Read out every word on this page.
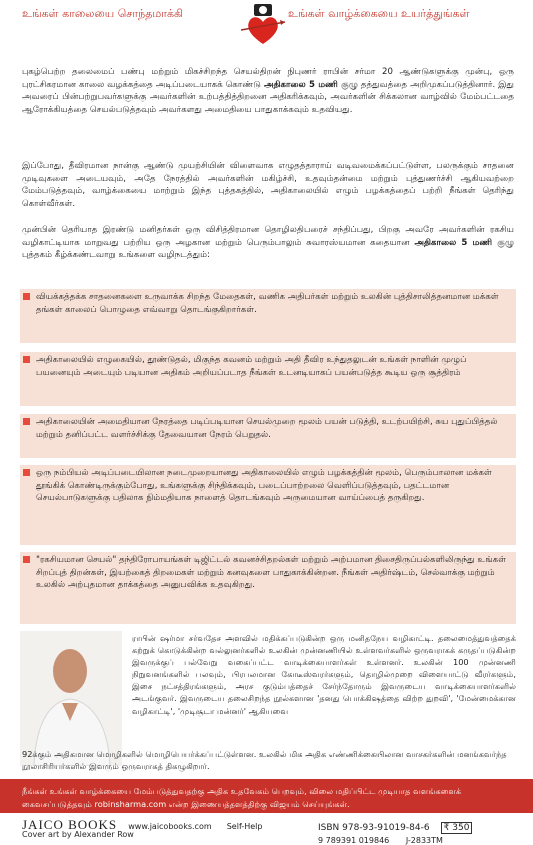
உங்கள் காலையை சொந்தமாக்கி	உங்கள் வாழ்க்கையை உயர்த்துங்கள்
புகழ்பெற்ற தலைமைப் பண்பு மற்றும் மிகச்சிறந்த செயல்திறன் நிபுணர் ராபின் சர்மா 20 ஆண்டுகளுக்கு முன்பு, ஒரு புரட்சிகரமான காலை வழக்கத்தை அடிப்படையாகக் கொண்டு அதிகாலை 5 மணி குழு தத்துவத்தை அறிமுகப்படுத்தினார். இது அவரைப் பின்பற்றுபவர்களுக்கு அவர்களின் உற்பத்தித்திறனை அதிகரிக்கவும், அவர்களின் சிக்கலான வாழ்வில் மேம்பட்டதை ஆரோக்கியத்தை செயல்படுத்தவும் அவர்களது அமைதியை பாதுகாக்கவும் உதவியது.
இப்போது, தீவிரமான நான்கு ஆண்டு முயற்சியின் விளைவாக எழுதத்தாராய் வடிவமைக்கப்பட்டுள்ள, பலருக்கும் சாதனை முடிவுகளை அடையவும், அதே நேரத்தில் அவர்களின் மகிழ்ச்சி, உதவும்தன்மை மற்றும் புத்துணர்ச்சி ஆகியவற்றை மேம்படுத்தவும், வாழ்க்கையை மாற்றும் இந்த புத்தகத்தில், அதிகாலையில் எழும் பழக்கத்தைப் பற்றி நீங்கள் தெரிந்து கொள்வீர்கள்.
முன்பின் தெரியாத இரண்டு மனிதர்கள் ஒரு விசித்திரமான தொழிலதிபரைச் சந்திப்பது, பிறகு அவரே அவர்களின் ரகசிய வழிகாட்டியாக மாறுவது பற்றிய ஒரு அழகான மற்றும் பெரும்பாலும் சுவாரஸ்யமான கதையான அதிகாலை 5 மணி குழு புத்தகம் கீழ்க்கண்டவாறு உங்களை வழிநடத்தும்:
வியக்கத்தக்க சாதனைகளை உருவாக்க சிறந்த மேதைகள், வணிக அதிபர்கள் மற்றும் உலகின் புத்திசாலித்தனமான மக்கள் தங்கள் காலைப் பொழுதை எவ்வாறு தொடங்குகிறார்கள்.
அதிகாலையில் எழுகையில், தூண்டுதல், மிகுந்த கவனம் மற்றும் அதி தீவிர உந்துதலுடன் உங்கள் நாளின் முழுப் பயனையும் அடையும் படியான அதிகம் அறியப்படாத நீங்கள் உடனடியாகப் பயன்படுத்த கூடிய ஒரு சூத்திரம்
அதிகாலையின் அமைதியான நேரத்தை படிப்படியான செயல்முறை மூலம் பயன் படுத்தி, உடற்பயிற்சி, சுய புதுப்பித்தல் மற்றும் தனிப்பட்ட வளர்ச்சிக்கு தேவையான நேரம் பெறுதல்.
ஒரு நம்பியல் அடிப்படையிலான நடைமுறையானது அதிகாலையில் எழும் பழக்கத்தின் மூலம், பெரும்பாலான மக்கள் தூங்கிக் கொண்டிருக்கும்போது, உங்களுக்கு சிந்திக்கவும், படைப்பாற்றலை வெளிப்படுத்தவும், பதட்டமான செயல்பாடுகளுக்கு பதிலாக நிம்மதியாக நாளைத் தொடங்கவும் அருமையான வாய்ப்பைத் தருகிறது.
"ரகசியமான செயல்" தந்திரோபாயங்கள் டிஜிட்டல் கவனச்சிதறல்கள் மற்றும் அற்பமான திசைதிருப்பல்களிலிருந்து உங்கள் சிறப்புத் திறன்கள், இயற்கைத் திறமைகள் மற்றும் கனவுகளை பாதுகாக்கின்றன. நீங்கள் அதிர்ஷ்டம், செல்வாக்கு மற்றும் உலகில் அற்புதமான தாக்கத்தை அனுபவிக்க உதவுகிறது.
ராபின் ஷர்மா சர்வதேச அளவில் மதிக்கப்படுகின்ற ஒரு மனிதநேய வழிகாட்டி. தலைமைத்துவத்தைக் கற்றுக் கொடுக்கின்ற வல்லுனர்களில் உலகின் முன்னணியில் உள்ளவர்களில் ஒருவராகக் கருதப்படுகின்ற இவருக்குப் பல்வேறு வகைப்பட்ட வாடிக்கையாளர்கள் உள்ளனர். உலகின் 100 முன்னணி நிறுவனங்களில் பலவும், பிரபலமான கோடீஸ்வரர்களும், தொழில்முறை விளையாட்டு வீரர்களும், இசை நட்சத்திரங்களும், அரச குடும்பத்தைச் சேர்ந்தோரும் இவருடைய வாடிக்கையாளர்களில் அடங்குவர். இவருடைய தலைசிறந்த நூல்களான 'தனது பொக்கிஷத்தை விற்ற துறவி', 'மேன்மைக்கான வழிகாட்டி', 'முடிசூடா மன்னர்' ஆகியவை
92க்கும் அதிகமான மொழிகளில் மொழிபெயர்க்கப்பட்டுள்ளன. உலகில் மிக அதிக எண்ணிக்கையிலான வாசகர்களின் மனங்கவர்ந்த நூலாசிரியர்களில் இவரும் ஒருவராகத் திகழுகிறார்.
நீங்கள் உங்கள் வாழ்க்கையை மேம்படுத்துவதற்கு அதிக உதவேகம் பெறவும், விலை மதிப்பிட்ட முடியாத வளங்களைக் கைவசப்படுத்தவும் robinsharma.com என்ற இணையத்தளத்திற்கு விஜயம் செய்யுங்கள்.
ISBN 978-93-91019-84-6 ₹ 350
9 789391 019846 J-2833TM
JAICO BOOKS www.jaicobooks.com Self-Help
Cover art by Alexander Row
